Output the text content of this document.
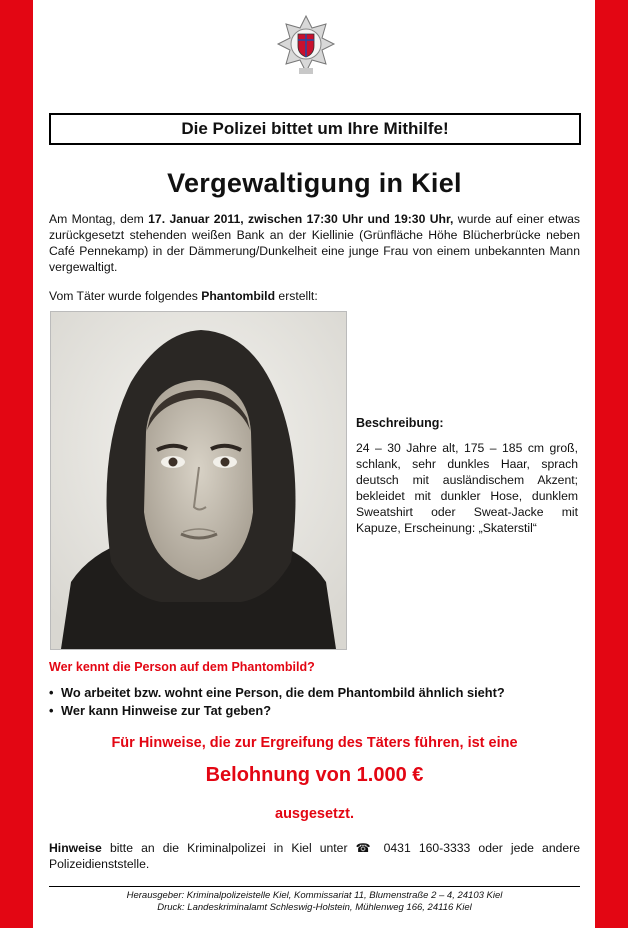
Die Polizei bittet um Ihre Mithilfe!
Vergewaltigung in Kiel
Am Montag, dem 17. Januar 2011, zwischen 17:30 Uhr und 19:30 Uhr, wurde auf einer etwas zurückgesetzt stehenden weißen Bank an der Kiellinie (Grünfläche Höhe Blücherbrücke neben Café Pennekamp) in der Dämmerung/Dunkelheit eine junge Frau von einem unbekannten Mann vergewaltigt.
Vom Täter wurde folgendes Phantombild erstellt:
Beschreibung:
24 – 30 Jahre alt, 175 – 185 cm groß, schlank, sehr dunkles Haar, sprach deutsch mit ausländischem Akzent; bekleidet mit dunkler Hose, dunklem Sweatshirt oder Sweat-Jacke mit Kapuze, Erscheinung: „Skaterstil“
Wer kennt die Person auf dem Phantombild?
• Wo arbeitet bzw. wohnt eine Person, die dem Phantombild ähnlich sieht?
• Wer kann Hinweise zur Tat geben?
Für Hinweise, die zur Ergreifung des Täters führen, ist eine
Belohnung von 1.000 €
ausgesetzt.
Hinweise bitte an die Kriminalpolizei in Kiel unter ☎ 0431 160-3333 oder jede andere Polizeidienststelle.
Herausgeber: Kriminalpolizeistelle Kiel, Kommissariat 11, Blumenstraße 2 – 4, 24103 Kiel
Druck: Landeskriminalamt Schleswig-Holstein, Mühlenweg 166, 24116 Kiel
